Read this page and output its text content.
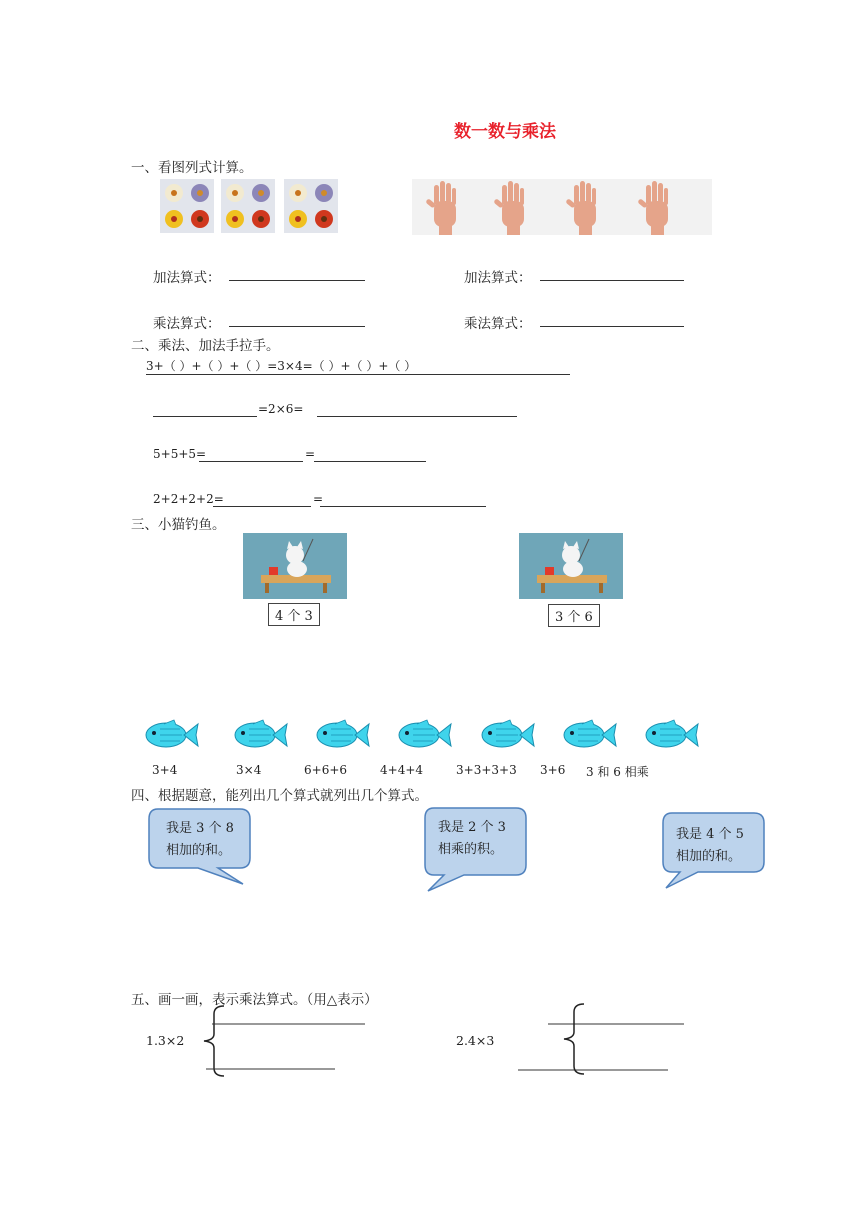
数一数与乘法
一、看图列式计算。
加法算式：	加法算式：
乘法算式：	乘法算式：
二、乘法、加法手拉手。
3+（ ）+（ ）+（ ）=3×4=（ ）+（ ）+（ ）
=2×6=
5+5+5=	=
2+2+2+2=	=
三、小猫钓鱼。
4 个 3	3 个 6
3+4	3×4	6+6+6	4+4+4	3+3+3+3 3+6 3 和 6 相乘
四、根据题意，能列出几个算式就列出几个算式。
我是 3 个 8
相加的和。
我是 2 个 3
相乘的积。
我是 4 个 5
相加的和。
五、画一画，表示乘法算式。（用△表示）
1.3×2	2.4×3
